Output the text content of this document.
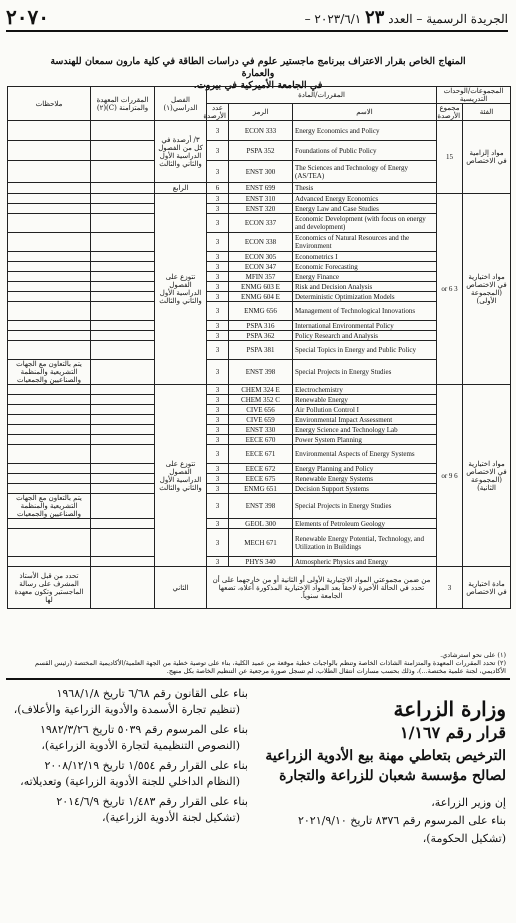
٢٠٧٠	الجريدة الرسمية – العدد ٢٣ ٢٠٢٣/٦/١ –
المنهاج الخاص بقرار الاعتراف ببرنامج ماجستير علوم في دراسات الطاقة في كلية مارون سمعان للهندسة والعمارة
في الجامعة الأميركية في بيروت.	المجموعات/الوحدات التدريسية		المقررات/المادة			الفصل الدراسي(١)	المقررات المعهدة والمتزامنة (C)(٢)	ملاحظات
الفئة	مجموع الأرصدة	الاسم	الرمز	عدد الأرصدة			
مواد إلزامية في الاختصاص	15	Energy Economics and Policy	ECON 333	3	٣/ أرصدة في كل من الفصول الدراسية الأول والثاني والثالث		
		Foundations of Public Policy	PSPA 352	3			
		The Sciences and Technology of Energy (AS/TEA)	ENST 300	3			
		Thesis	ENST 699	6	الرابع		
مواد اختيارية في الاختصاص (المجموعة الأولى)	3 or 6	Advanced Energy Economics	ENST 310	3	تتوزع على الفصول الدراسية الأول والثاني والثالث		
		Energy Law and Case Studies	ENST 320	3			
		Economic Development (with focus on energy and development)	ECON 337	3			
		Economics of Natural Resources and the Environment	ECON 338	3			
		Econometrics I	ECON 305	3			
		Economic Forecasting	ECON 347	3			
		Energy Finance	MFIN 357	3			
		Risk and Decision Analysis	ENMG 603 E	3			
		Deterministic Optimization Models	ENMG 604 E	3			
		Management of Technological Innovations	ENMG 656	3			
		International Environmental Policy	PSPA 316	3			
		Policy Research and Analysis	PSPA 362	3			
		Special Topics in Energy and Public Policy	PSPA 381	3			
		Special Projects in Energy Studies	ENST 398	3			يتم بالتعاون مع الجهات التشريعية والمنظمة والصناعيين والجمعيات
مواد اختيارية في الاختصاص (المجموعة الثانية)	6 or 9	Electrochemistry	CHEM 324 E	3	تتوزع على الفصول الدراسية الأول والثاني والثالث		
		Renewable Energy	CHEM 352 C	3			
		Air Pollution Control I	CIVE 656	3			
		Environmental Impact Assessment	CIVE 659	3			
		Energy Science and Technology Lab	ENST 330	3			
		Power System Planning	EECE 670	3			
		Environmental Aspects of Energy Systems	EECE 671	3			
		Energy Planning and Policy	EECE 672	3			
		Renewable Energy Systems	EECE 675	3			
		Decision Support Systems	ENMG 651	3			
		Special Projects in Energy Studies	ENST 398	3			يتم بالتعاون مع الجهات التشريعية والمنظمة والصناعيين والجمعيات
		Elements of Petroleum Geology	GEOL 300	3			
		Renewable Energy Potential, Technology, and Utilization in Buildings	MECH 671	3			
		Atmospheric Physics and Energy	PHYS 340	3			
مادة اختيارية في الاختصاص	3	من ضمن مجموعتي المواد الاختيارية الأولى أو الثانية أو من خارجهما على أن تحدد في الحالة الأخيرة لاحقاً بعد المواد الاختيارية المذكورة أعلاه، تضعها الجامعة سنوياً.			الثاني		تحدد من قبل الأستاذ المشرف على رسالة الماجستير وتكون معهدة لها
(١) على نحو استرشادي.
(٢) تحدد المقررات المعهدة والمتزامنة الشاذات الخاصة وتنظم بالواجبات خطية موقعة من عميد الكلية، بناء على توصية خطية من الجهة العلمية/الأكاديمية المختصة (رئيس القسم الأكاديمي، لجنة علمية مختصة...)، وذلك بحسب مسارات انتقال الطلاب، لم تسجل صورة مرجعية عن التنظيم الخاصة بكل منهج.
وزارة الزراعة
قرار رقم ١/١٦٧
الترخيص بتعاطي مهنة بيع الأدوية الزراعية لصالح مؤسسة شعبان للزراعة والتجارة
إن وزير الزراعة،
بناء على المرسوم رقم ٨٣٧٦ تاريخ ٢٠٢١/٩/١٠
(تشكيل الحكومة)،

بناء على القانون رقم ٦/٦٨ تاريخ ١٩٦٨/١/٨
(تنظيم تجارة الأسمدة والأدوية الزراعية والأعلاف)،

بناء على المرسوم رقم ٥٠٣٩ تاريخ ١٩٨٢/٣/٢٦
(النصوص التنظيمية لتجارة الأدوية الزراعية)،

بناء على القرار رقم ١/٥٥٤ تاريخ ٢٠٠٨/١٢/١٩
(النظام الداخلي للجنة الأدوية الزراعية) وتعديلاته،

بناء على القرار رقم ١/٤٨٣ تاريخ ٢٠١٤/٦/٩
(تشكيل لجنة الأدوية الزراعية)،
